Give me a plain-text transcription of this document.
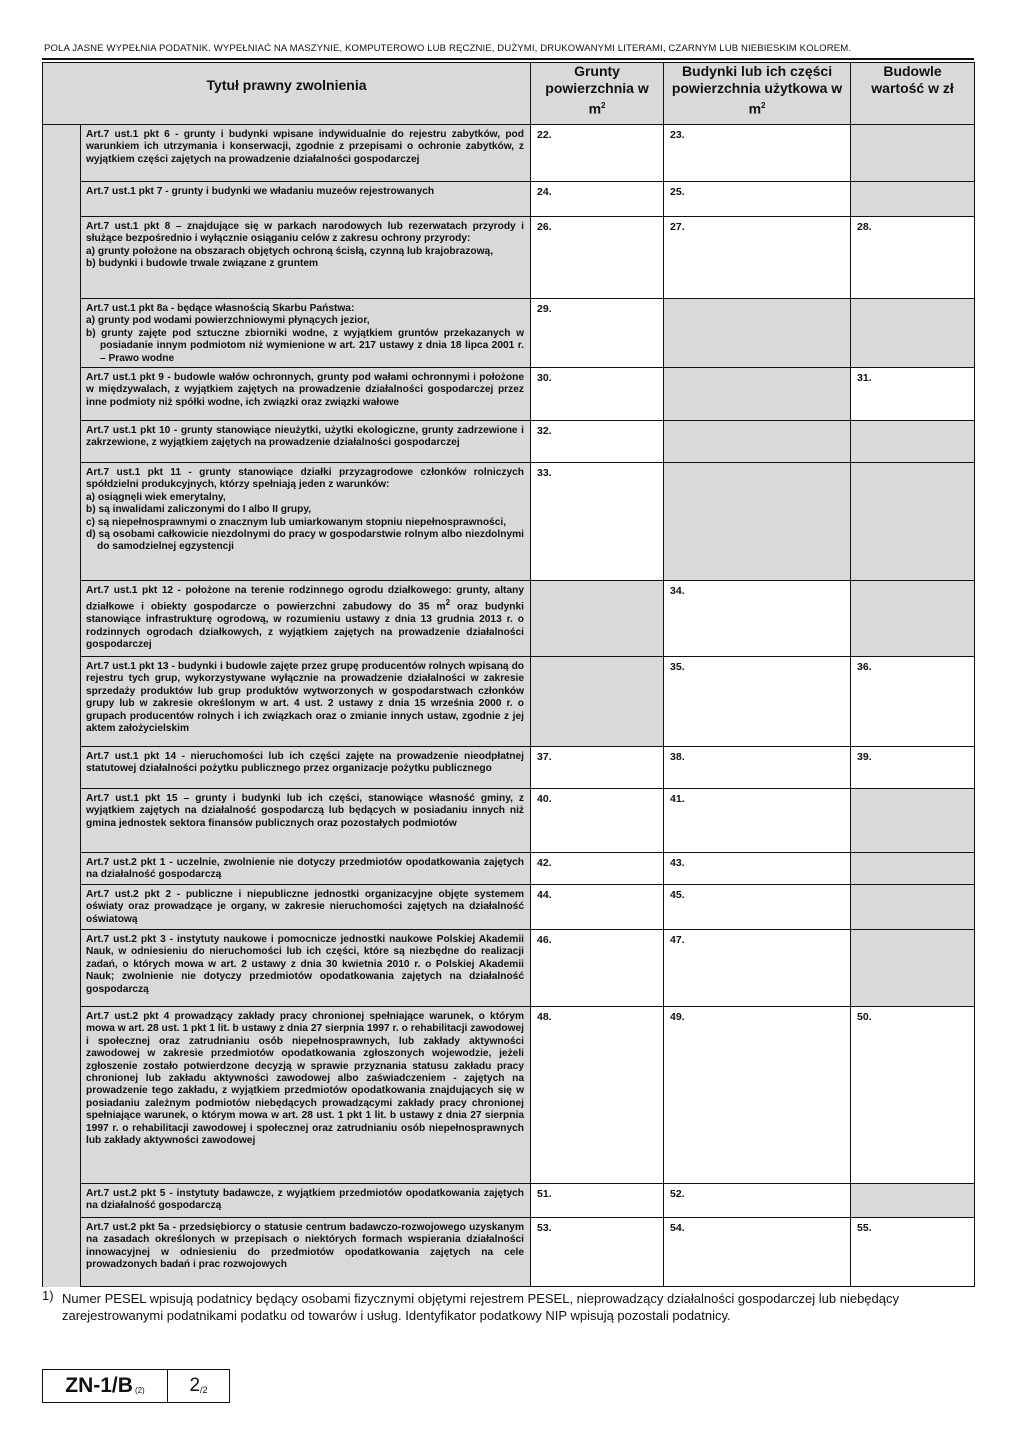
POLA JASNE WYPEŁNIA PODATNIK. WYPEŁNIAĆ NA MASZYNIE, KOMPUTEROWO LUB RĘCZNIE, DUŻYMI, DRUKOWANYMI LITERAMI, CZARNYM LUB NIEBIESKIM KOLOREM.
Tytuł prawny zwolnienia		Grunty
powierzchnia w
$m^2$	Budynki lub ich części
powierzchnia użytkowa w
$m^2$	Budowle
wartość w zł
	Art.7 ust.1 pkt 6 - grunty i budynki wpisane indywidualnie do rejestru zabytków, pod warunkiem ich utrzymania i konserwacji, zgodnie z przepisami o ochronie zabytków, z wyjątkiem części zajętych na prowadzenie działalności gospodarczej	22.	23.	
	Art.7 ust.1 pkt 7 - grunty i budynki we władaniu muzeów rejestrowanych	24.	25.	
	Art.7 ust.1 pkt 8 – znajdujące się w parkach narodowych lub rezerwatach przyrody i służące bezpośrednio i wyłącznie osiąganiu celów z zakresu ochrony przyrody:
a) grunty położone na obszarach objętych ochroną ścisłą, czynną lub krajobrazową,
b) budynki i budowle trwale związane z gruntem	26.	27.	28.
	Art.7 ust.1 pkt 8a - będące własnością Skarbu Państwa:
a) grunty pod wodami powierzchniowymi płynących jezior,
b) grunty zajęte pod sztuczne zbiorniki wodne, z wyjątkiem gruntów przekazanych w posiadanie innym podmiotom niż wymienione w art. 217 ustawy z dnia 18 lipca 2001 r. – Prawo wodne	29.		
	Art.7 ust.1 pkt 9 - budowle wałów ochronnych, grunty pod wałami ochronnymi i położone w międzywalach, z wyjątkiem zajętych na prowadzenie działalności gospodarczej przez inne podmioty niż spółki wodne, ich związki oraz związki wałowe	30.		31.
	Art.7 ust.1 pkt 10 - grunty stanowiące nieużytki, użytki ekologiczne, grunty zadrzewione i zakrzewione, z wyjątkiem zajętych na prowadzenie działalności gospodarczej	32.		
	Art.7 ust.1 pkt 11 - grunty stanowiące działki przyzagrodowe członków rolniczych spółdzielni produkcyjnych, którzy spełniają jeden z warunków:
a) osiągnęli wiek emerytalny,
b) są inwalidami zaliczonymi do I albo II grupy,
c) są niepełnosprawnymi o znacznym lub umiarkowanym stopniu niepełnosprawności,
d) są osobami całkowicie niezdolnymi do pracy w gospodarstwie rolnym albo niezdolnymi do samodzielnej egzystencji	33.		
	Art.7 ust.1 pkt 12 - położone na terenie rodzinnego ogrodu działkowego: grunty, altany działkowe i obiekty gospodarcze o powierzchni zabudowy do 35 $m^2$ oraz budynki stanowiące infrastrukturę ogrodową, w rozumieniu ustawy z dnia 13 grudnia 2013 r. o rodzinnych ogrodach działkowych, z wyjątkiem zajętych na prowadzenie działalności gospodarczej		34.	
	Art.7 ust.1 pkt 13 - budynki i budowle zajęte przez grupę producentów rolnych wpisaną do rejestru tych grup, wykorzystywane wyłącznie na prowadzenie działalności w zakresie sprzedaży produktów lub grup produktów wytworzonych w gospodarstwach członków grupy lub w zakresie określonym w art. 4 ust. 2 ustawy z dnia 15 września 2000 r. o grupach producentów rolnych i ich związkach oraz o zmianie innych ustaw, zgodnie z jej aktem założycielskim		35.	36.
	Art.7 ust.1 pkt 14 - nieruchomości lub ich części zajęte na prowadzenie nieodpłatnej statutowej działalności pożytku publicznego przez organizacje pożytku publicznego	37.	38.	39.
	Art.7 ust.1 pkt 15 – grunty i budynki lub ich części, stanowiące własność gminy, z wyjątkiem zajętych na działalność gospodarczą lub będących w posiadaniu innych niż gmina jednostek sektora finansów publicznych oraz pozostałych podmiotów	40.	41.	
	Art.7 ust.2 pkt 1 - uczelnie, zwolnienie nie dotyczy przedmiotów opodatkowania zajętych na działalność gospodarczą	42.	43.	
	Art.7 ust.2 pkt 2 - publiczne i niepubliczne jednostki organizacyjne objęte systemem oświaty oraz prowadzące je organy, w zakresie nieruchomości zajętych na działalność oświatową	44.	45.	
	Art.7 ust.2 pkt 3 - instytuty naukowe i pomocnicze jednostki naukowe Polskiej Akademii Nauk, w odniesieniu do nieruchomości lub ich części, które są niezbędne do realizacji zadań, o których mowa w art. 2 ustawy z dnia 30 kwietnia 2010 r. o Polskiej Akademii Nauk; zwolnienie nie dotyczy przedmiotów opodatkowania zajętych na działalność gospodarczą	46.	47.	
	Art.7 ust.2 pkt 4 prowadzący zakłady pracy chronionej spełniające warunek, o którym mowa w art. 28 ust. 1 pkt 1 lit. b ustawy z dnia 27 sierpnia 1997 r. o rehabilitacji zawodowej i społecznej oraz zatrudnianiu osób niepełnosprawnych, lub zakłady aktywności zawodowej w zakresie przedmiotów opodatkowania zgłoszonych wojewodzie, jeżeli zgłoszenie zostało potwierdzone decyzją w sprawie przyznania statusu zakładu pracy chronionej lub zakładu aktywności zawodowej albo zaświadczeniem - zajętych na prowadzenie tego zakładu, z wyjątkiem przedmiotów opodatkowania znajdujących się w posiadaniu zależnym podmiotów niebędących prowadzącymi zakłady pracy chronionej spełniające warunek, o którym mowa w art. 28 ust. 1 pkt 1 lit. b ustawy z dnia 27 sierpnia 1997 r. o rehabilitacji zawodowej i społecznej oraz zatrudnianiu osób niepełnosprawnych lub zakłady aktywności zawodowej	48.	49.	50.
	Art.7 ust.2 pkt 5 - instytuty badawcze, z wyjątkiem przedmiotów opodatkowania zajętych na działalność gospodarczą	51.	52.	
	Art.7 ust.2 pkt 5a - przedsiębiorcy o statusie centrum badawczo-rozwojowego uzyskanym na zasadach określonych w przepisach o niektórych formach wspierania działalności innowacyjnej w odniesieniu do przedmiotów opodatkowania zajętych na cele prowadzonych badań i prac rozwojowych	53.	54.	55.
1) Numer PESEL wpisują podatnicy będący osobami fizycznymi objętymi rejestrem PESEL, nieprowadzący działalności gospodarczej lub niebędący zarejestrowanymi podatnikami podatku od towarów i usług. Identyfikator podatkowy NIP wpisują pozostali podatnicy.
ZN-1/B (2) 2 /2
